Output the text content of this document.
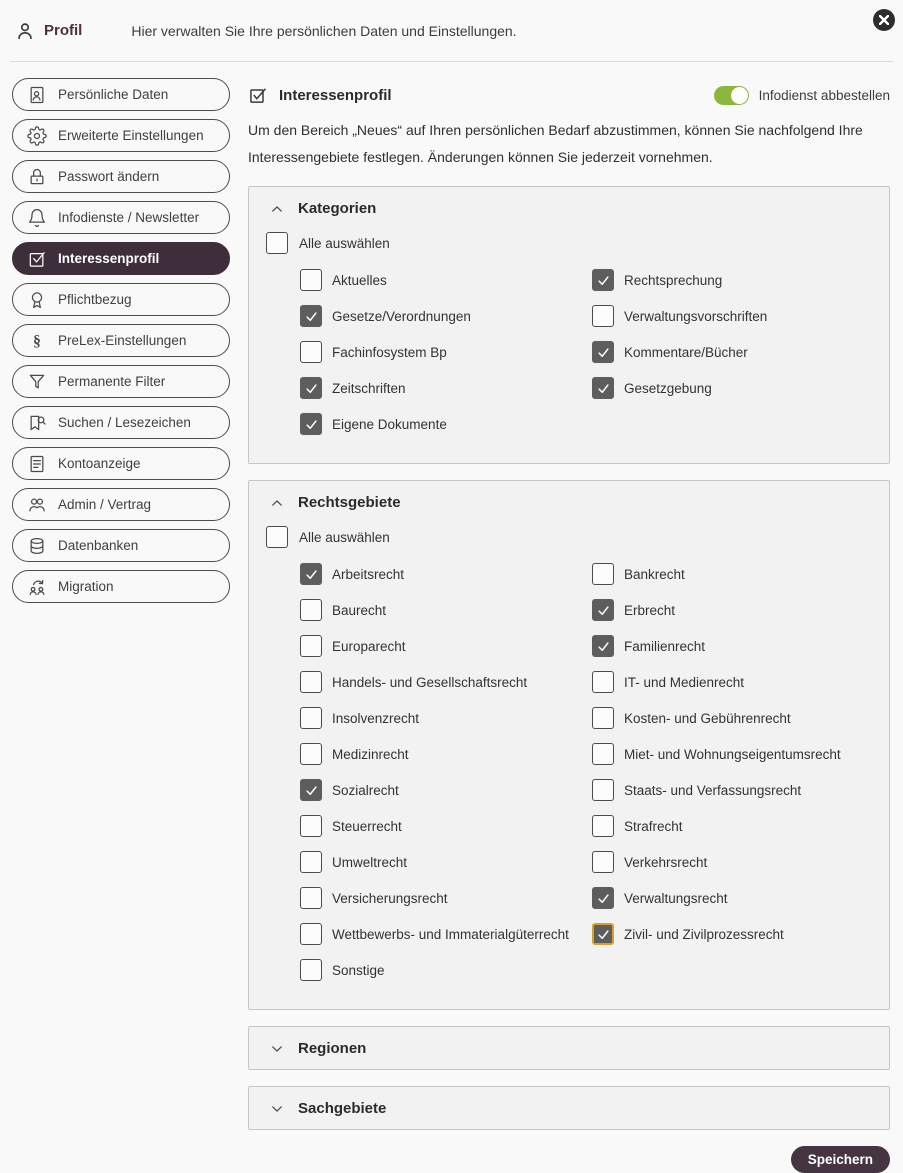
Profil	Hier verwalten Sie Ihre persönlichen Daten und Einstellungen.
Persönliche Daten
Erweiterte Einstellungen
Passwort ändern
Infodienste / Newsletter
Interessenprofil
Pflichtbezug
§ PreLex-Einstellungen
Permanente Filter
Suchen / Lesezeichen
Kontoanzeige
Admin / Vertrag
Datenbanken
Migration
Interessenprofil	Infodienst abbestellen

Um den Bereich „Neues“ auf Ihren persönlichen Bedarf abzustimmen, können Sie nachfolgend Ihre Interessengebiete festlegen. Änderungen können Sie jederzeit vornehmen.

Kategorien
Alle auswählen
Aktuelles
Gesetze/Verordnungen
Fachinfosystem Bp
Zeitschriften
Eigene Dokumente
Rechtsprechung
Verwaltungsvorschriften
Kommentare/Bücher
Gesetzgebung
Rechtsgebiete
Alle auswählen
Arbeitsrecht
Baurecht
Europarecht
Handels- und Gesellschaftsrecht
Insolvenzrecht
Medizinrecht
Sozialrecht
Steuerrecht
Umweltrecht
Versicherungsrecht
Wettbewerbs- und Immaterialgüterrecht
Sonstige
Bankrecht
Erbrecht
Familienrecht
IT- und Medienrecht
Kosten- und Gebührenrecht
Miet- und Wohnungseigentumsrecht
Staats- und Verfassungsrecht
Strafrecht
Verkehrsrecht
Verwaltungsrecht
Zivil- und Zivilprozessrecht
Regionen
Sachgebiete
Speichern
